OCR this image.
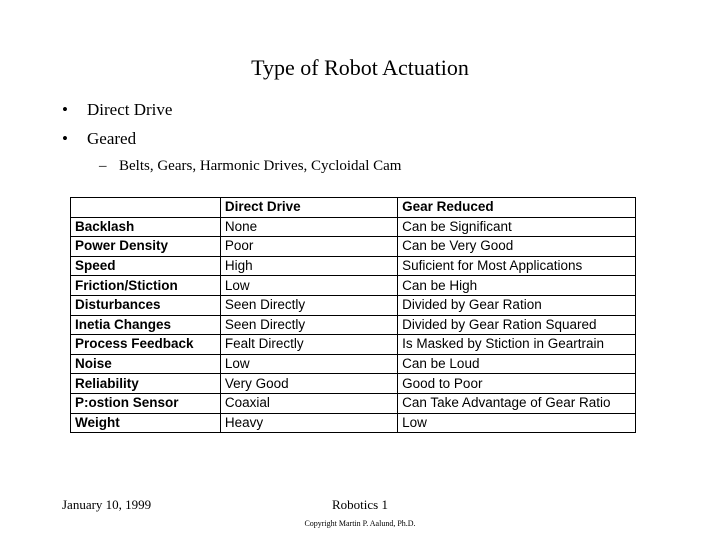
Type of Robot Actuation
•	Direct Drive
•	Geared
– Belts, Gears, Harmonic Drives, Cycloidal Cam
	Direct Drive	Gear Reduced
Backlash	None	Can be Significant
Power Density	Poor	Can be Very Good
Speed	High	Suficient for Most Applications
Friction/Stiction	Low	Can be High
Disturbances	Seen Directly	Divided by Gear Ration
Inetia Changes	Seen Directly	Divided by Gear Ration Squared
Process Feedback	Fealt Directly	Is Masked by Stiction in Geartrain
Noise	Low	Can be Loud
Reliability	Very Good	Good to Poor
P:ostion Sensor	Coaxial	Can Take Advantage of Gear Ratio
Weight	Heavy	Low
January 10, 1999	Robotics 1
Copyright Martin P. Aalund, Ph.D.
